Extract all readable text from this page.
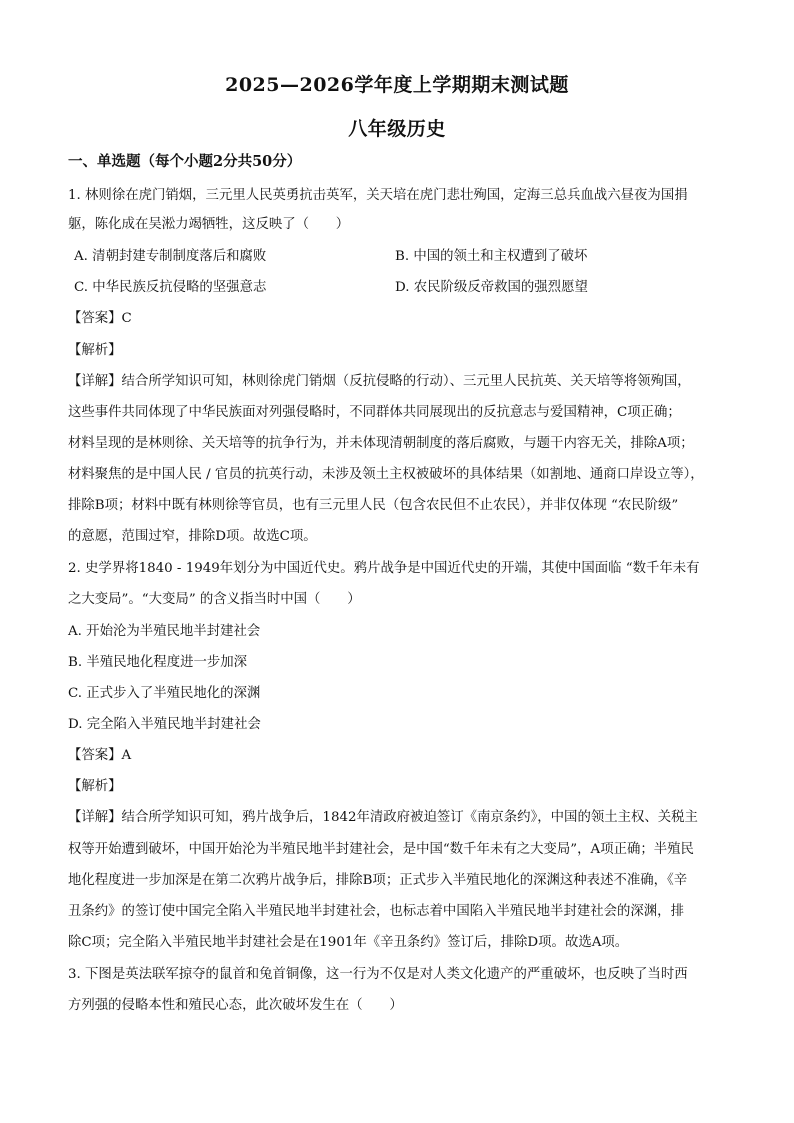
2025—2026学年度上学期期末测试题
八年级历史
一、单选题（每个小题2分共50分）
1. 林则徐在虎门销烟，三元里人民英勇抗击英军，关天培在虎门悲壮殉国，定海三总兵血战六昼夜为国捐
躯，陈化成在吴淞力竭牺牲，这反映了（　　）
A. 清朝封建专制制度落后和腐败	B. 中国的领土和主权遭到了破坏
C. 中华民族反抗侵略的坚强意志	D. 农民阶级反帝救国的强烈愿望
【答案】C
【解析】
【详解】结合所学知识可知，林则徐虎门销烟（反抗侵略的行动）、三元里人民抗英、关天培等将领殉国，
这些事件共同体现了中华民族面对列强侵略时，不同群体共同展现出的反抗意志与爱国精神，C项正确；
材料呈现的是林则徐、关天培等的抗争行为，并未体现清朝制度的落后腐败，与题干内容无关，排除A项；
材料聚焦的是中国人民 / 官员的抗英行动，未涉及领土主权被破坏的具体结果（如割地、通商口岸设立等），
排除B项；材料中既有林则徐等官员，也有三元里人民（包含农民但不止农民），并非仅体现 “农民阶级”
的意愿，范围过窄，排除D项。故选C项。
2. 史学界将1840 - 1949年划分为中国近代史。鸦片战争是中国近代史的开端，其使中国面临 “数千年未有
之大变局”。“大变局” 的含义指当时中国（　　）
A. 开始沦为半殖民地半封建社会
B. 半殖民地化程度进一步加深
C. 正式步入了半殖民地化的深渊
D. 完全陷入半殖民地半封建社会
【答案】A
【解析】
【详解】结合所学知识可知，鸦片战争后，1842年清政府被迫签订《南京条约》，中国的领土主权、关税主
权等开始遭到破坏，中国开始沦为半殖民地半封建社会，是中国“数千年未有之大变局”，A项正确；半殖民
地化程度进一步加深是在第二次鸦片战争后，排除B项；正式步入半殖民地化的深渊这种表述不准确，《辛
丑条约》的签订使中国完全陷入半殖民地半封建社会，也标志着中国陷入半殖民地半封建社会的深渊，排
除C项；完全陷入半殖民地半封建社会是在1901年《辛丑条约》签订后，排除D项。故选A项。
3. 下图是英法联军掠夺的鼠首和兔首铜像，这一行为不仅是对人类文化遗产的严重破坏，也反映了当时西
方列强的侵略本性和殖民心态，此次破坏发生在（　　）
